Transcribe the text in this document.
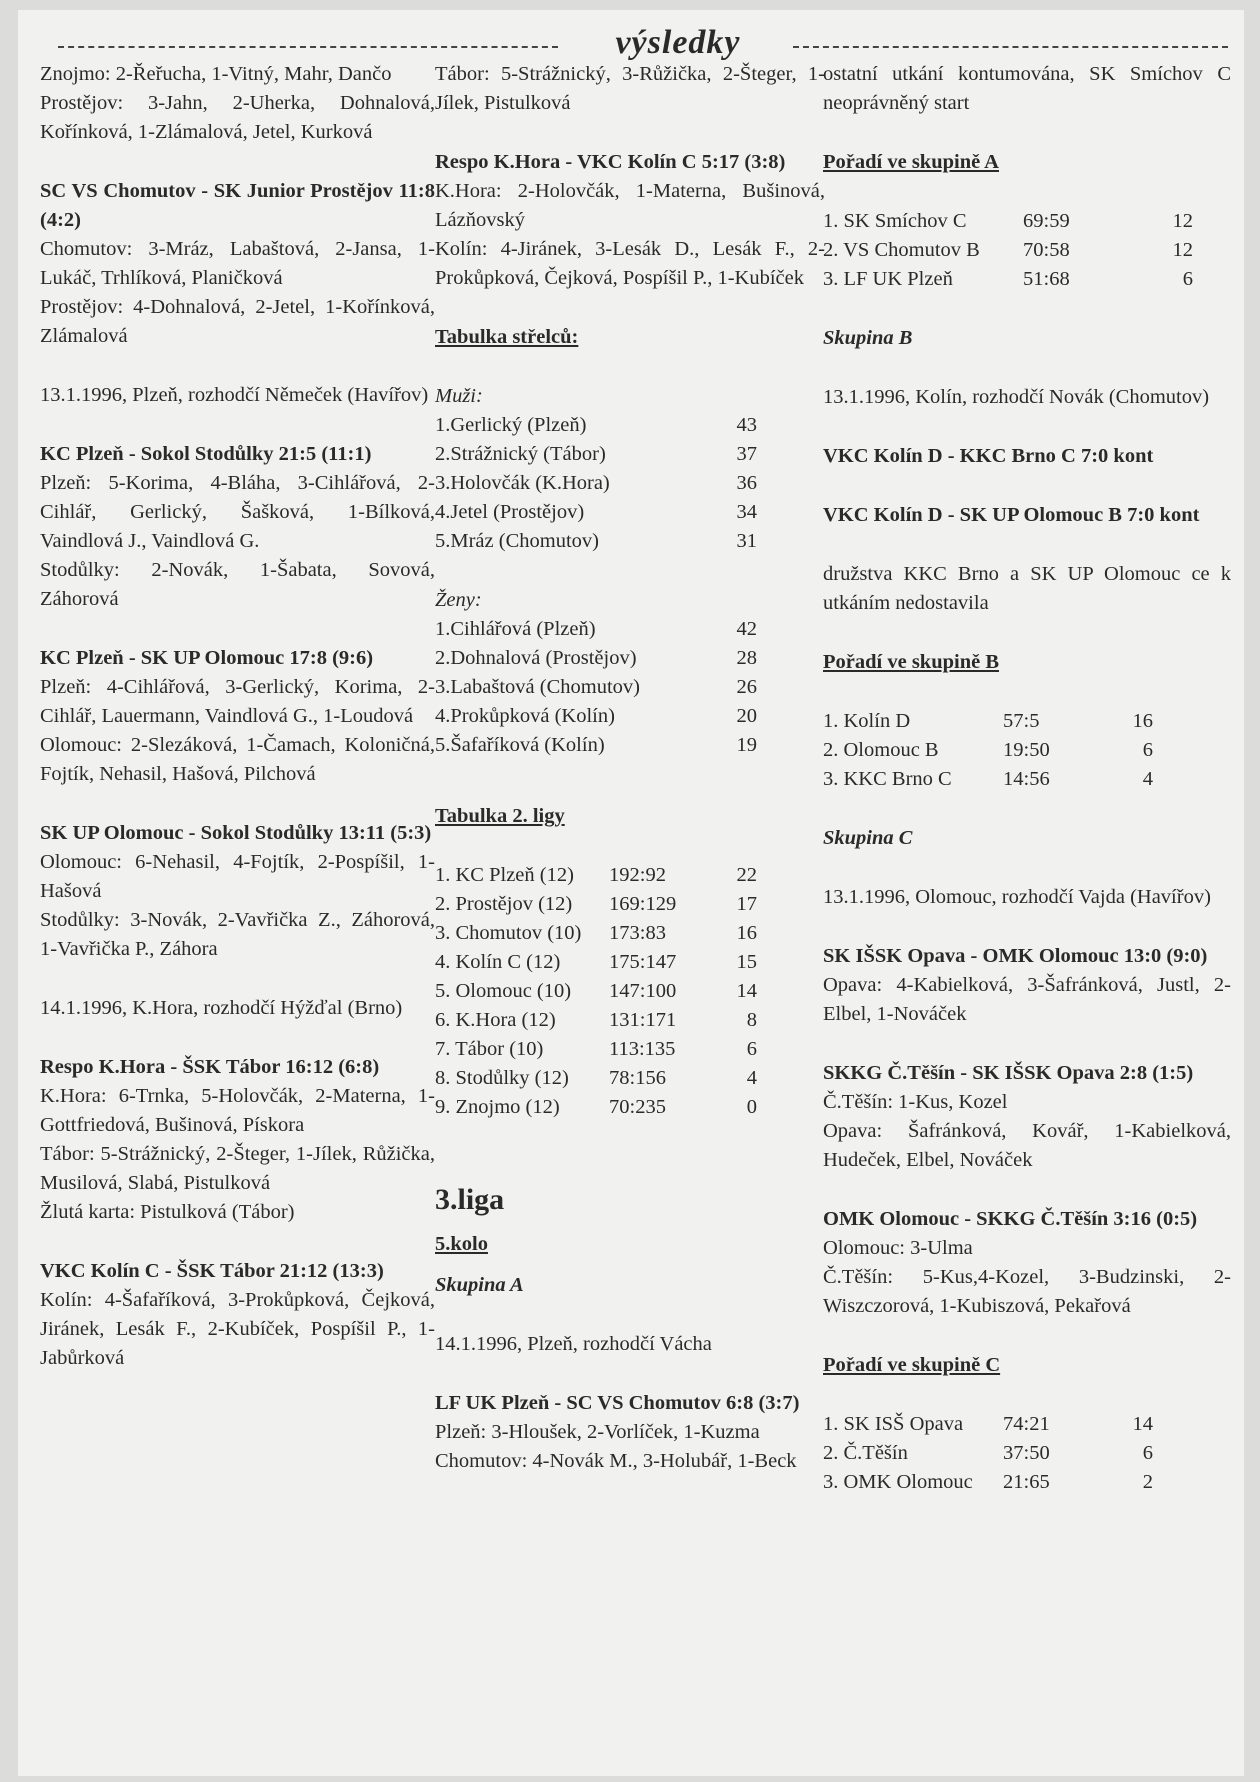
výsledky
Znojmo: 2-Řeřucha, 1-Vitný, Mahr, Dančo
Prostějov: 3-Jahn, 2-Uherka, Dohnalová, Kořínková, 1-Zlámalová, Jetel, Kurková
SC VS Chomutov - SK Junior Prostějov 11:8 (4:2)
Chomutov: 3-Mráz, Labaštová, 2-Jansa, 1-Lukáč, Trhlíková, Planičková
Prostějov: 4-Dohnalová, 2-Jetel, 1-Kořínková, Zlámalová
13.1.1996, Plzeň, rozhodčí Němeček (Havířov)
KC Plzeň - Sokol Stodůlky 21:5 (11:1)
Plzeň: 5-Korima, 4-Bláha, 3-Cihlářová, 2-Cihlář, Gerlický, Šašková, 1-Bílková, Vaindlová J., Vaindlová G.
Stodůlky: 2-Novák, 1-Šabata, Sovová, Záhorová
KC Plzeň - SK UP Olomouc 17:8 (9:6)
Plzeň: 4-Cihlářová, 3-Gerlický, Korima, 2-Cihlář, Lauermann, Vaindlová G., 1-Loudová
Olomouc: 2-Slezáková, 1-Čamach, Koloničná, Fojtík, Nehasil, Hašová, Pilchová
SK UP Olomouc - Sokol Stodůlky 13:11 (5:3)
Olomouc: 6-Nehasil, 4-Fojtík, 2-Pospíšil, 1-Hašová
Stodůlky: 3-Novák, 2-Vavřička Z., Záhorová, 1-Vavřička P., Záhora
14.1.1996, K.Hora, rozhodčí Hýžďal (Brno)
Respo K.Hora - ŠSK Tábor 16:12 (6:8)
K.Hora: 6-Trnka, 5-Holovčák, 2-Materna, 1-Gottfriedová, Bušinová, Pískora
Tábor: 5-Strážnický, 2-Šteger, 1-Jílek, Růžička, Musilová, Slabá, Pistulková
Žlutá karta: Pistulková (Tábor)
VKC Kolín C - ŠSK Tábor 21:12 (13:3)
Kolín: 4-Šafaříková, 3-Prokůpková, Čejková, Jiránek, Lesák F., 2-Kubíček, Pospíšil P., 1-Jabůrková
Tábor: 5-Strážnický, 3-Růžička, 2-Šteger, 1-Jílek, Pistulková
Respo K.Hora - VKC Kolín C 5:17 (3:8)
K.Hora: 2-Holovčák, 1-Materna, Bušinová, Lázňovský
Kolín: 4-Jiránek, 3-Lesák D., Lesák F., 2-Prokůpková, Čejková, Pospíšil P., 1-Kubíček
Tabulka střelců:
Muži:
1.Gerlický (Plzeň)	43
2.Strážnický (Tábor)	37
3.Holovčák (K.Hora)	36
4.Jetel (Prostějov)	34
5.Mráz (Chomutov)	31
Ženy:
1.Cihlářová (Plzeň)	42
2.Dohnalová (Prostějov)	28
3.Labaštová (Chomutov)	26
4.Prokůpková (Kolín)	20
5.Šafaříková (Kolín)	19
Tabulka 2. ligy
1. KC Plzeň (12)	192:92	22
2. Prostějov (12)	169:129	17
3. Chomutov (10)	173:83	16
4. Kolín C (12)	175:147	15
5. Olomouc (10)	147:100	14
6. K.Hora (12)	131:171	8
7. Tábor (10)	113:135	6
8. Stodůlky (12)	78:156	4
9. Znojmo (12)	70:235	0
3.liga
5.kolo
Skupina A
14.1.1996, Plzeň, rozhodčí Vácha
LF UK Plzeň - SC VS Chomutov 6:8 (3:7)
Plzeň: 3-Hloušek, 2-Vorlíček, 1-Kuzma
Chomutov: 4-Novák M., 3-Holubář, 1-Beck
ostatní utkání kontumována, SK Smíchov C neoprávněný start
Pořadí ve skupině A
1. SK Smíchov C	69:59	12
2. VS Chomutov B	70:58	12
3. LF UK Plzeň	51:68	6
Skupina B
13.1.1996, Kolín, rozhodčí Novák (Chomutov)
VKC Kolín D - KKC Brno C 7:0 kont
VKC Kolín D - SK UP Olomouc B 7:0 kont
družstva KKC Brno a SK UP Olomouc ce k utkáním nedostavila
Pořadí ve skupině B
1. Kolín D	57:5	16
2. Olomouc B	19:50	6
3. KKC Brno C	14:56	4
Skupina C
13.1.1996, Olomouc, rozhodčí Vajda (Havířov)
SK IŠSK Opava - OMK Olomouc 13:0 (9:0)
Opava: 4-Kabielková, 3-Šafránková, Justl, 2-Elbel, 1-Nováček
SKKG Č.Těšín - SK IŠSK Opava 2:8 (1:5)
Č.Těšín: 1-Kus, Kozel
Opava: Šafránková, Kovář, 1-Kabielková, Hudeček, Elbel, Nováček
OMK Olomouc - SKKG Č.Těšín 3:16 (0:5)
Olomouc: 3-Ulma
Č.Těšín: 5-Kus,4-Kozel, 3-Budzinski, 2-Wiszczorová, 1-Kubiszová, Pekařová
Pořadí ve skupině C
1. SK ISŠ Opava	74:21	14
2. Č.Těšín	37:50	6
3. OMK Olomouc	21:65	2
